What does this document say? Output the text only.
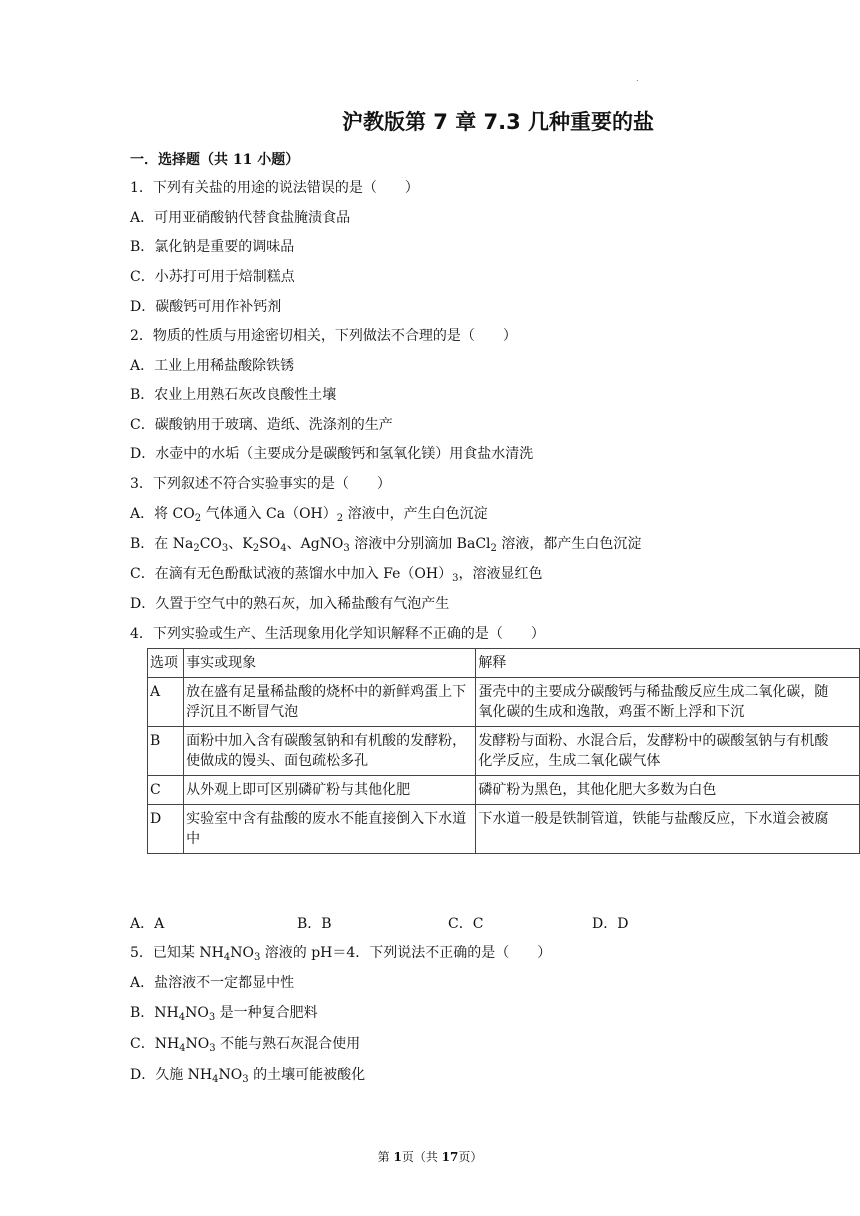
.
沪教版第 7 章 7.3 几种重要的盐
一．选择题（共 11 小题）
1．下列有关盐的用途的说法错误的是（　　）
A．可用亚硝酸钠代替食盐腌渍食品
B．氯化钠是重要的调味品
C．小苏打可用于焙制糕点
D．碳酸钙可用作补钙剂
2．物质的性质与用途密切相关，下列做法不合理的是（　　）
A．工业上用稀盐酸除铁锈
B．农业上用熟石灰改良酸性土壤
C．碳酸钠用于玻璃、造纸、洗涤剂的生产
D．水壶中的水垢（主要成分是碳酸钙和氢氧化镁）用食盐水清洗
3．下列叙述不符合实验事实的是（　　）
A．将 $CO_2$ 气体通入 $Ca(OH)_2$ 溶液中，产生白色沉淀
B．在 $Na_2CO_3$、$K_2SO_4$、AgNO$_3$ 溶液中分别滴加 BaCl$_2$ 溶液，都产生白色沉淀
C．在滴有无色酚酞试液的蒸馏水中加入 $Fe(OH)_3$，溶液显红色
D．久置于空气中的熟石灰，加入稀盐酸有气泡产生
4．下列实验或生产、生活现象用化学知识解释不正确的是（　　）
选项	事实或现象	解释
A	放在盛有足量稀盐酸的烧杯中的新鲜鸡蛋上下浮沉且不断冒气泡	蛋壳中的主要成分碳酸钙与稀盐酸反应生成二氧化碳，随
氧化碳的生成和逸散，鸡蛋不断上浮和下沉

B	面粉中加入含有碳酸氢钠和有机酸的发酵粉，使做成的馒头、面包疏松多孔	发酵粉与面粉、水混合后，发酵粉中的碳酸氢钠与有机酸
化学反应，生成二氧化碳气体

C	从外观上即可区别磷矿粉与其他化肥	磷矿粉为黑色，其他化肥大多数为白色
D	实验室中含有盐酸的废水不能直接倒入下水道中	下水道一般是铁制管道，铁能与盐酸反应，下水道会被腐
A．A	B．B	C．C	D．D
5．已知某 $NH_4NO_3$ 溶液的 pH＝4．下列说法不正确的是（　　）
A．盐溶液不一定都显中性
B．$NH_4NO_3$ 是一种复合肥料
C．$NH_4NO_3$ 不能与熟石灰混合使用
D．久施 $NH_4NO_3$ 的土壤可能被酸化
第 1页（共 17页）
